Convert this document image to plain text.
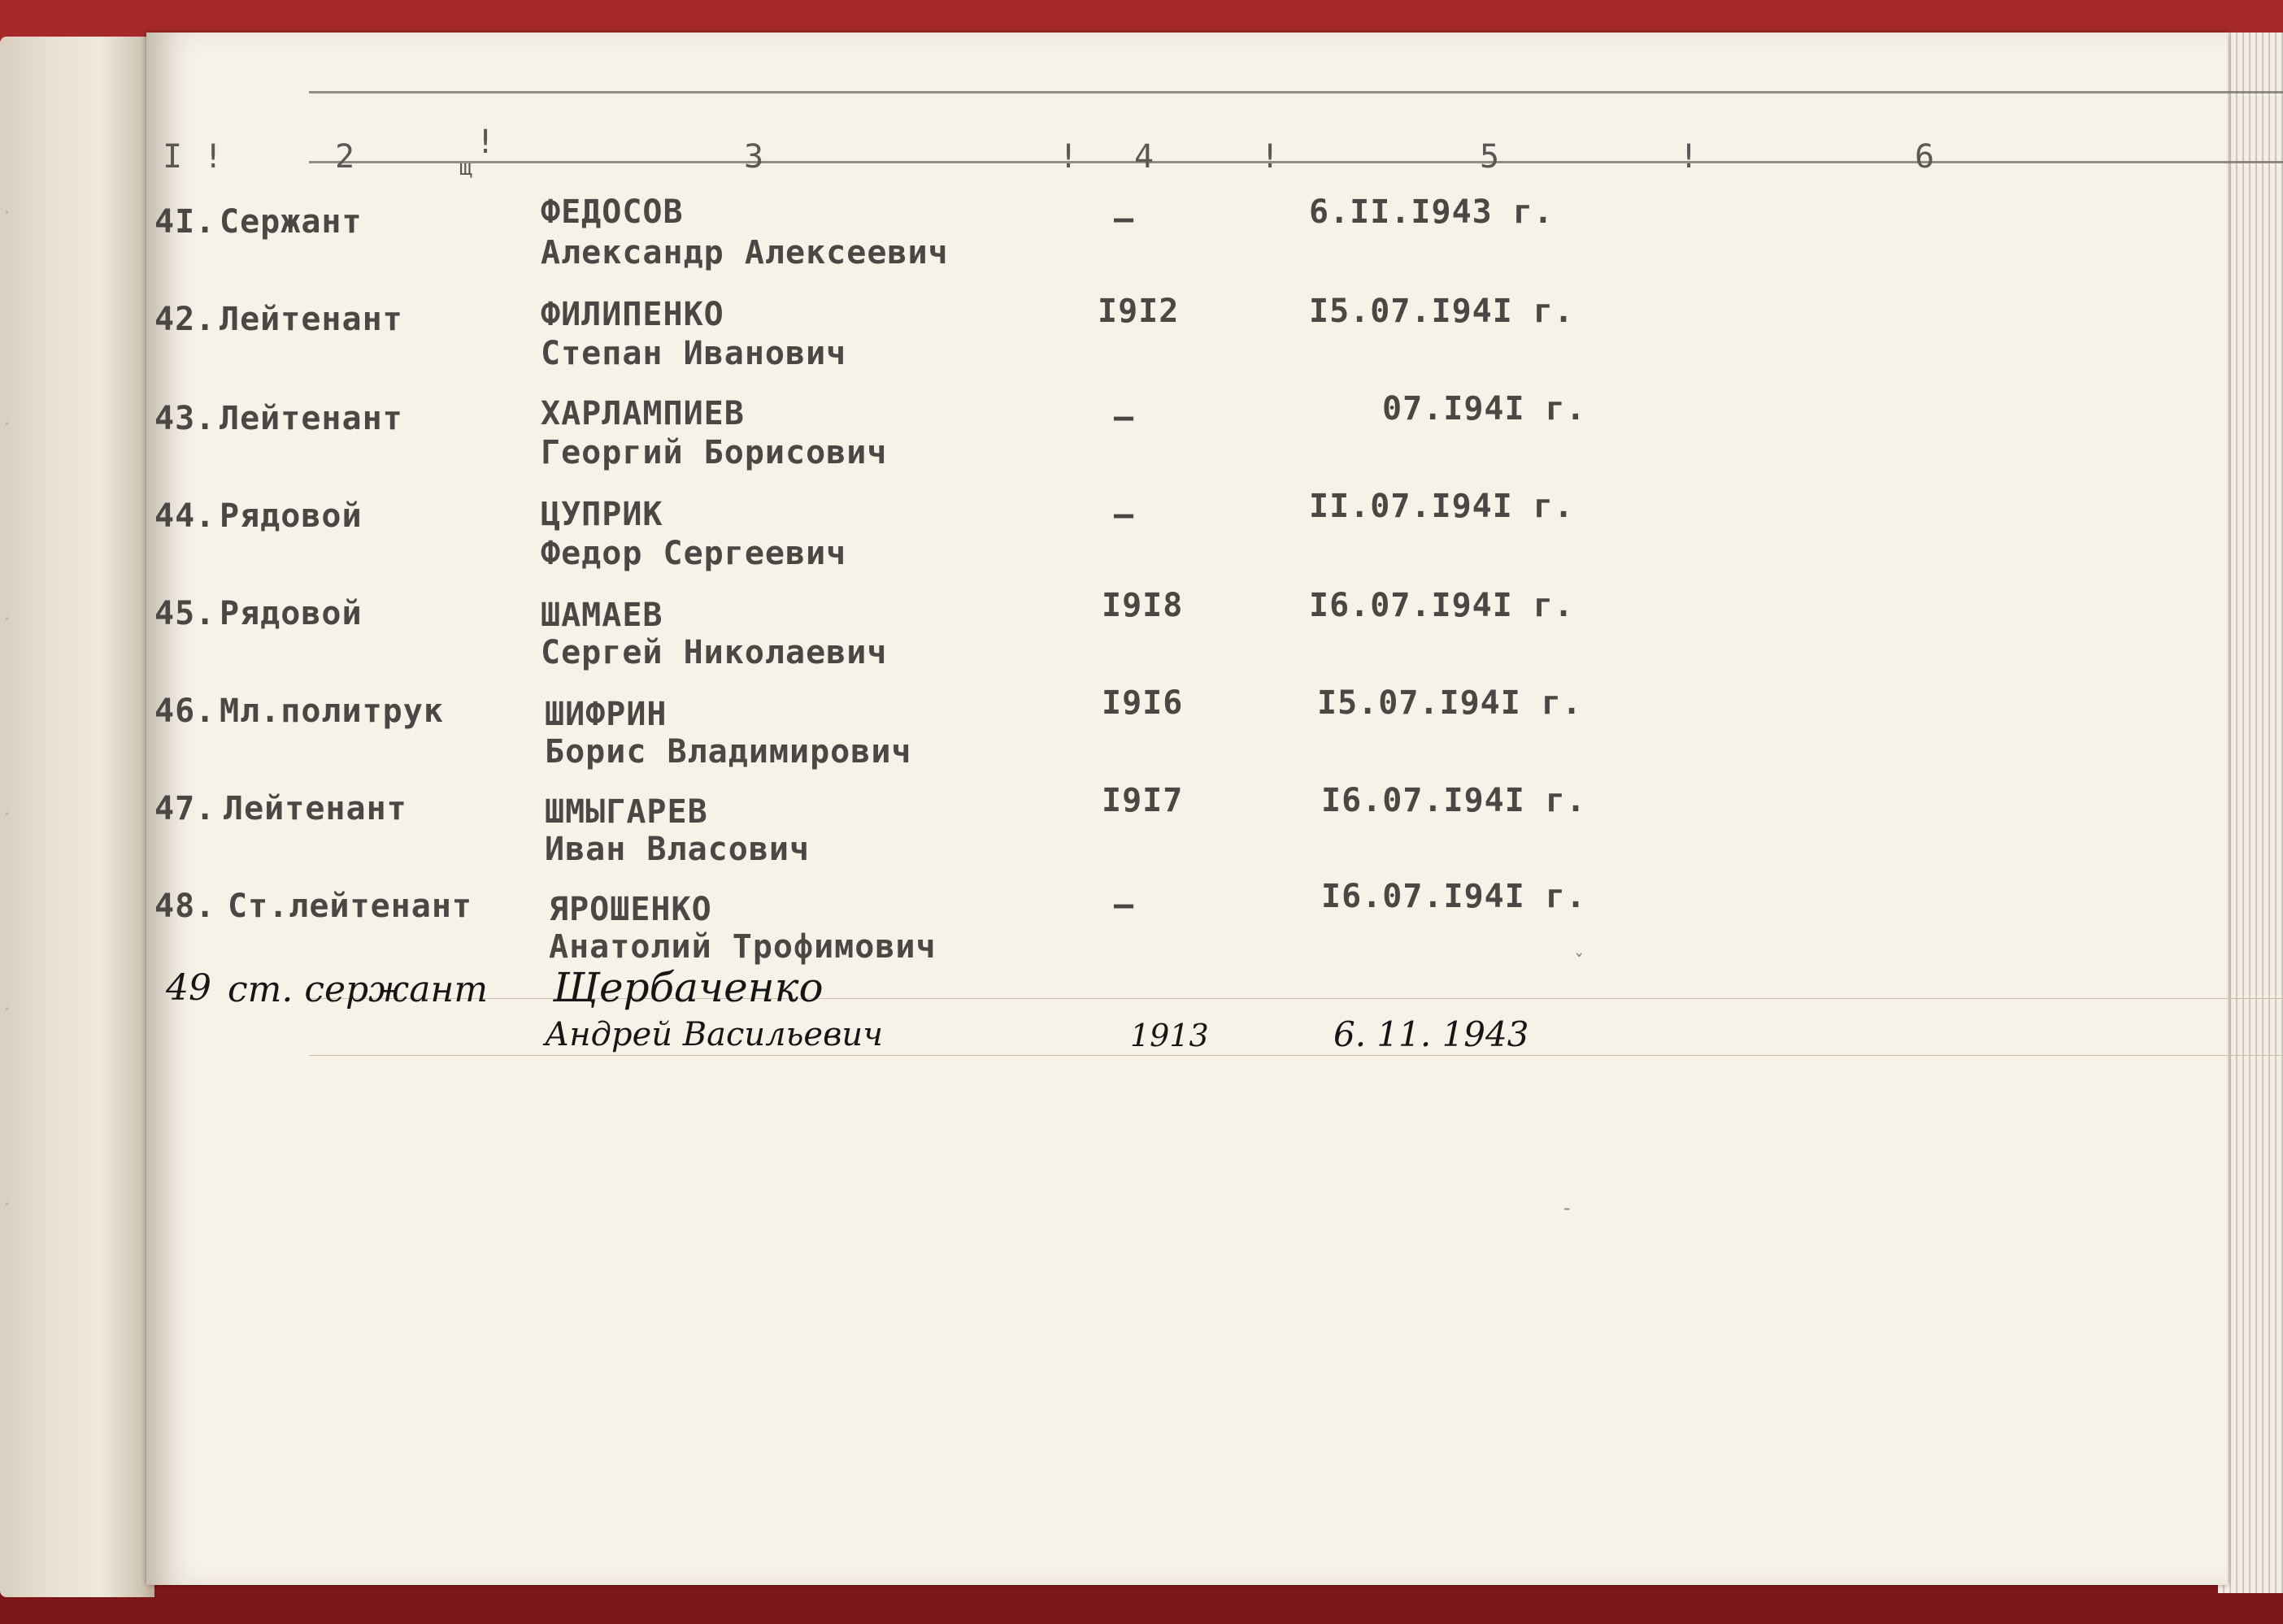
·
·
·
·
·
·
I !	2	щ
!	3	! 4	!	5	!	6
4I. Сержант	ФЕДОСОВ
Александр Алексеевич
—	6.II.I943 г.
42. Лейтенант	ФИЛИПЕНКО
Степан Иванович
I9I2	I5.07.I94I г.
43. Лейтенант	ХАРЛАМПИЕВ
Георгий Борисович
—	07.I94I г.
44. Рядовой	ЦУПРИК
Федор Сергеевич
—	II.07.I94I г.
45. Рядовой	ШАМАЕВ
Сергей Николаевич
I9I8	I6.07.I94I г.
46. Мл.политрук	ШИФРИН
Борис Владимирович
I9I6	I5.07.I94I г.
47. Лейтенант	ШМЫГАРЕВ
Иван Власович
I9I7	I6.07.I94I г.
48. Ст.лейтенант ЯРОШЕНКО
Анатолий Трофимович
—	I6.07.I94I г.
49 ст. сержант Щербаченко
Андрей Васильевич	1913	6. 11. 1943
ˇ
-
